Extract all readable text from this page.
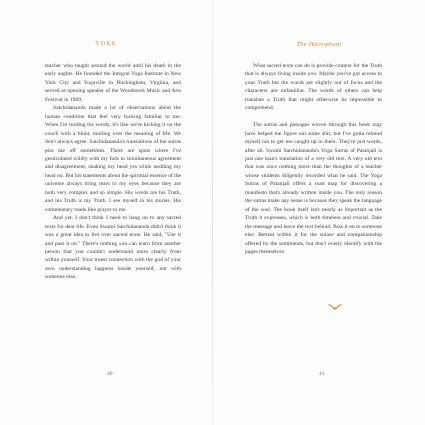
YOKE

teacher who taught around the world until his death in the early aughts. He founded the Integral Yoga Institute in New York City and Yogaville in Buckingham, Virginia, and served as opening speaker of the Woodstock Music and Arts Festival in 1969.

Satchidananda made a lot of observations about the human condition that feel very fucking familiar to me. When I'm reading his words, it's like we're kicking it on the couch with a blunt, mulling over the meaning of life. We don't always agree. Satchidananda's translations of the sutras piss me off sometimes. There are spots where I've gesticulated wildly with my fork in simultaneous agreement and disagreement, shaking my head yes while nodding my head no. But his statements about the spiritual essence of the universe always bring tears to my eyes because they are both very complex and so simple. His words are his Truth, and his Truth is my Truth. I see myself in his stories. His commentary reads like prayer to me.

And yet. I don't think I need to hang on to any sacred texts for dear life. Even Swami Satchidananda didn't think it was a great idea to fret over sacred texts. He said, "Use it and pass it on." There's nothing you can learn from another person that you couldn't understand more clearly from within yourself. Your truest connection with the god of your own understanding happens inside yourself, not with someone else.

40
The Hierophant

What sacred texts can do is provide context for the Truth that is always living inside you. Maybe you've got access to your Truth but the words are slightly out of focus and the characters are unfamiliar. The words of others can help translate a Truth that might otherwise be impossible to comprehend.

The sutras and passages woven through this book may have helped me figure out some shit, but I've gotta remind myself not to get too caught up in them. They're just words, after all. Swami Satchidananda's Yoga Sutras of Patanjali is just one man's translation of a very old text. A very old text that was once nothing more than the thoughts of a teacher whose students diligently recorded what he said. The Yoga Sutras of Patanjali offers a road map for discovering a manifesto that's already written inside you. The only reason the sutras make any sense is because they speak the language of the soul. The book itself isn't nearly as important as the Truth it expresses, which is both timeless and crucial. Take the message and leave the text behind. Pass it on to someone else. Retreat within it for the solace and companionship offered by the sentiments, but don't overly identify with the pages themselves.

41
